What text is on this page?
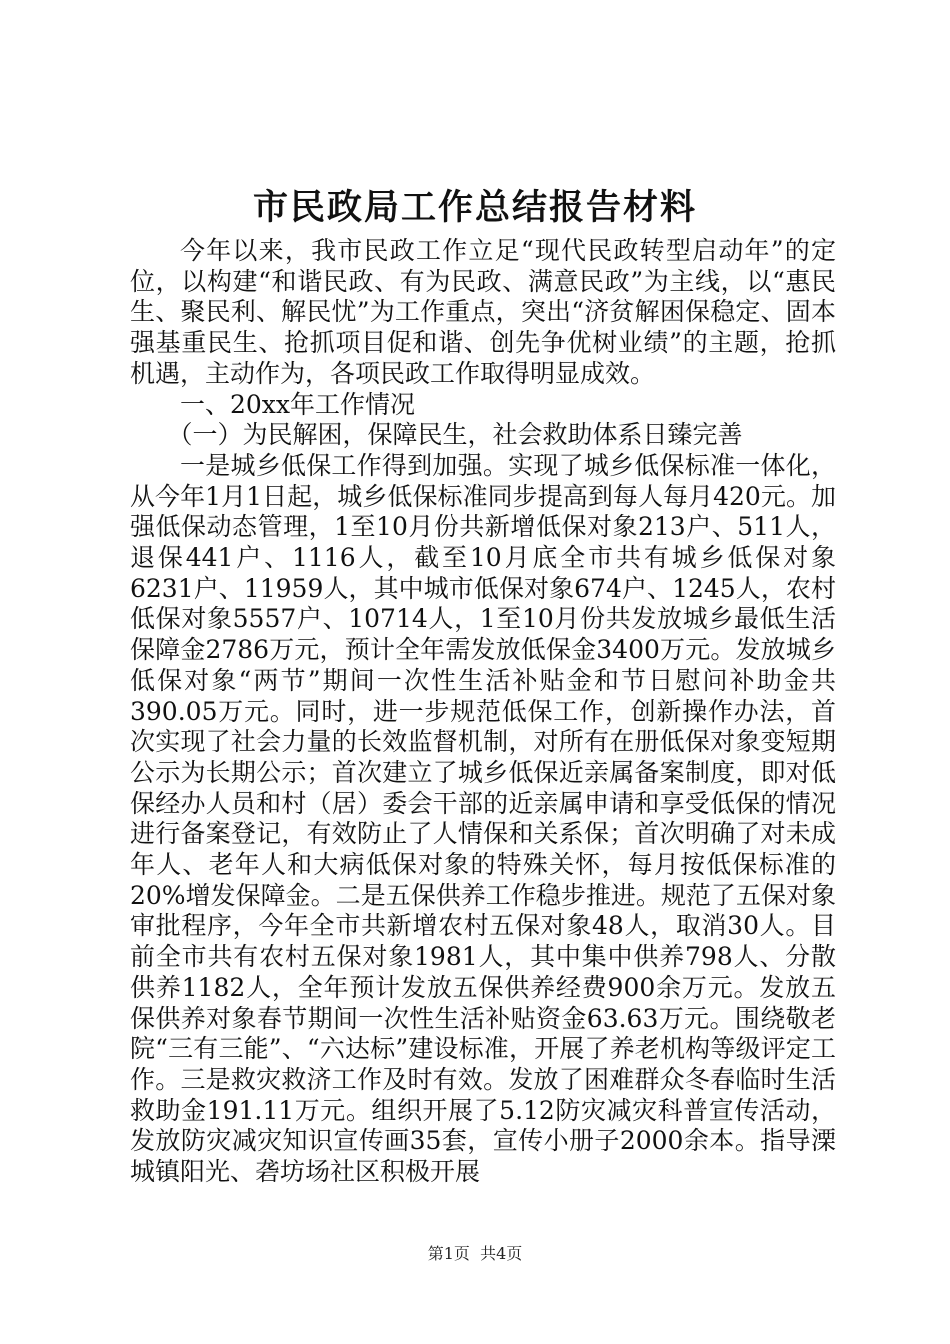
市民政局工作总结报告材料

今年以来，我市民政工作立足“现代民政转型启动年”的定位，以构建“和谐民政、有为民政、满意民政”为主线，以“惠民生、聚民利、解民忧”为工作重点，突出“济贫解困保稳定、固本强基重民生、抢抓项目促和谐、创先争优树业绩”的主题，抢抓机遇，主动作为，各项民政工作取得明显成效。

一、20xx年工作情况

（一）为民解困，保障民生，社会救助体系日臻完善

一是城乡低保工作得到加强。实现了城乡低保标准一体化，从今年1月1日起，城乡低保标准同步提高到每人每月420元。加强低保动态管理，1至10月份共新增低保对象213户、511人，退保441户、1116人，截至10月底全市共有城乡低保对象6231户、11959人，其中城市低保对象674户、1245人，农村低保对象5557户、10714人，1至10月份共发放城乡最低生活保障金2786万元，预计全年需发放低保金3400万元。发放城乡低保对象“两节”期间一次性生活补贴金和节日慰问补助金共390.05万元。同时，进一步规范低保工作，创新操作办法，首次实现了社会力量的长效监督机制，对所有在册低保对象变短期公示为长期公示；首次建立了城乡低保近亲属备案制度，即对低保经办人员和村（居）委会干部的近亲属申请和享受低保的情况进行备案登记，有效防止了人情保和关系保；首次明确了对未成年人、老年人和大病低保对象的特殊关怀，每月按低保标准的20%增发保障金。二是五保供养工作稳步推进。规范了五保对象审批程序，今年全市共新增农村五保对象48人，取消30人。目前全市共有农村五保对象1981人，其中集中供养798人、分散供养1182人，全年预计发放五保供养经费900余万元。发放五保供养对象春节期间一次性生活补贴资金63.63万元。围绕敬老院“三有三能”、“六达标”建设标准，开展了养老机构等级评定工作。三是救灾救济工作及时有效。发放了困难群众冬春临时生活救助金191.11万元。组织开展了5.12防灾减灾科普宣传活动，发放防灾减灾知识宣传画35套，宣传小册子2000余本。指导溧城镇阳光、砻坊场社区积极开展

第1页 共4页
